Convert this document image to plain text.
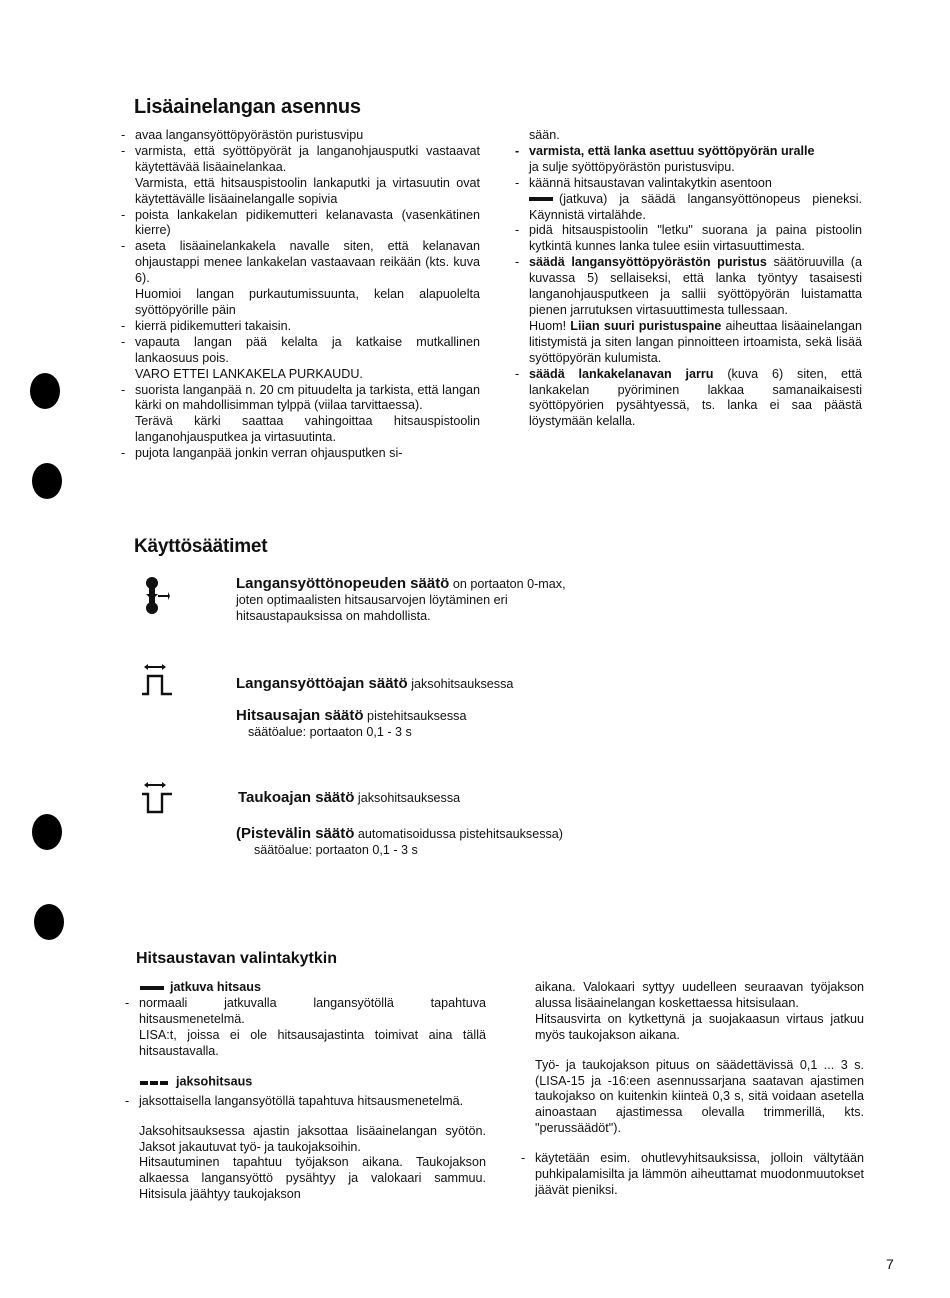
Lisäainelangan asennus

- avaa langansyöttöpyörästön puristusvipu

- varmista, että syöttöpyörät ja langanohjausputki vastaavat käytettävää lisäainelankaa.

Varmista, että hitsauspistoolin lankaputki ja virtasuutin ovat käytettävälle lisäainelangalle sopivia

- poista lankakelan pidikemutteri kelanavasta (vasenkätinen kierre)

- aseta lisäainelankakela navalle siten, että kelanavan ohjaustappi menee lankakelan vastaavaan reikään (kts. kuva 6).

Huomioi langan purkautumissuunta, kelan alapuolelta syöttöpyörille päin

- kierrä pidikemutteri takaisin.

- vapauta langan pää kelalta ja katkaise mutkallinen lankaosuus pois.

VARO ETTEI LANKAKELA PURKAUDU.

- suorista langanpää n. 20 cm pituudelta ja tarkista, että langan kärki on mahdollisimman tylppä (viilaa tarvittaessa).

Terävä kärki saattaa vahingoittaa hitsauspistoolin langanohjausputkea ja virtasuutinta.

- pujota langanpää jonkin verran ohjausputken si-

sään.

- varmista, että lanka asettuu syöttöpyörän uralle

ja sulje syöttöpyörästön puristusvipu.

- käännä hitsaustavan valintakytkin asentoon

(jatkuva) ja säädä langansyöttönopeus pieneksi. Käynnistä virtalähde.

- pidä hitsauspistoolin "letku" suorana ja paina pistoolin kytkintä kunnes lanka tulee esiin virtasuuttimesta.

- säädä langansyöttöpyörästön puristus säätöruuvilla (a kuvassa 5) sellaiseksi, että lanka työntyy tasaisesti langanohjausputkeen ja sallii syöttöpyörän luistamatta pienen jarrutuksen virtasuuttimesta tullessaan.

Huom! Liian suuri puristuspaine aiheuttaa lisäainelangan litistymistä ja siten langan pinnoitteen irtoamista, sekä lisää syöttöpyörän kulumista.

- säädä lankakelanavan jarru (kuva 6) siten, että lankakelan pyöriminen lakkaa samanaikaisesti syöttöpyörien pysähtyessä, ts. lanka ei saa päästä löystymään kelalla.

Käyttösäätimet
Langansyöttönopeuden säätö on portaaton 0-max,
joten optimaalisten hitsausarvojen löytäminen eri hitsaustapauksissa on mahdollista.
Langansyöttöajan säätö jaksohitsauksessa
Hitsausajan säätö pistehitsauksessa
säätöalue: portaaton 0,1 - 3 s
Taukoajan säätö jaksohitsauksessa
(Pistevälin säätö automatisoidussa pistehitsauksessa)
säätöalue: portaaton 0,1 - 3 s
Hitsaustavan valintakytkin

jatkuva hitsaus

- normaali jatkuvalla langansyötöllä tapahtuva hitsausmenetelmä.

LISA:t, joissa ei ole hitsausajastinta toimivat aina tällä hitsaustavalla.

jaksohitsaus

- jaksottaisella langansyötöllä tapahtuva hitsausmenetelmä.

Jaksohitsauksessa ajastin jaksottaa lisäainelangan syötön. Jaksot jakautuvat työ- ja taukojaksoihin.

Hitsautuminen tapahtuu työjakson aikana. Taukojakson alkaessa langansyöttö pysähtyy ja valokaari sammuu. Hitsisula jäähtyy taukojakson

aikana. Valokaari syttyy uudelleen seuraavan työjakson alussa lisäainelangan koskettaessa hitsisulaan.

Hitsausvirta on kytkettynä ja suojakaasun virtaus jatkuu myös taukojakson aikana.

Työ- ja taukojakson pituus on säädettävissä 0,1 ... 3 s. (LISA-15 ja -16:een asennussarjana saatavan ajastimen taukojakso on kuitenkin kiinteä 0,3 s, sitä voidaan asetella ainoastaan ajastimessa olevalla trimmerillä, kts. "perussäädöt").

- käytetään esim. ohutlevyhitsauksissa, jolloin vältytään puhkipalamisilta ja lämmön aiheuttamat muodonmuutokset jäävät pieniksi.

7
